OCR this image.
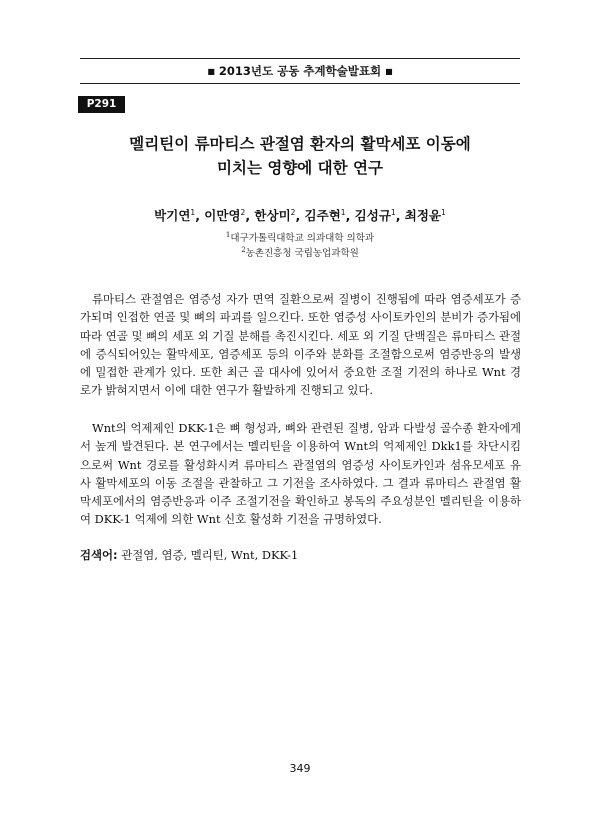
■ 2013년도 공동 추계학술발표회 ■
P291
멜리틴이 류마티스 관절염 환자의 활막세포 이동에
미치는 영향에 대한 연구
박기연$^1$, 이만영$^2$, 한상미$^2$, 김주현$^1$, 김성규$^1$, 최정윤$^1$
$^1$대구가톨릭대학교 의과대학 의학과
$^2$농촌진흥청 국립농업과학원

류마티스 관절염은 염증성 자가 면역 질환으로써 질병이 진행됨에 따라 염증세포가 증가되며 인접한 연골 및 뼈의 파괴를 일으킨다. 또한 염증성 사이토카인의 분비가 증가됨에 따라 연골 및 뼈의 세포 외 기질 분해를 촉진시킨다. 세포 외 기질 단백질은 류마티스 관절에 증식되어있는 활막세포, 염증세포 등의 이주와 분화를 조절함으로써 염증반응의 발생에 밀접한 관계가 있다. 또한 최근 골 대사에 있어서 중요한 조절 기전의 하나로 Wnt 경로가 밝혀지면서 이에 대한 연구가 활발하게 진행되고 있다.

Wnt의 억제제인 DKK-1은 뼈 형성과, 뼈와 관련된 질병, 암과 다발성 골수종 환자에게서 높게 발견된다. 본 연구에서는 멜리틴을 이용하여 Wnt의 억제제인 Dkk1를 차단시킴으로써 Wnt 경로를 활성화시켜 류마티스 관절염의 염증성 사이토카인과 섬유모세포 유사 활막세포의 이동 조절을 관찰하고 그 기전을 조사하였다. 그 결과 류마티스 관절염 활막세포에서의 염증반응과 이주 조절기전을 확인하고 봉독의 주요성분인 멜리틴을 이용하여 DKK-1 억제에 의한 Wnt 신호 활성화 기전을 규명하였다.

검색어: 관절염, 염증, 멜리틴, Wnt, DKK-1
349
